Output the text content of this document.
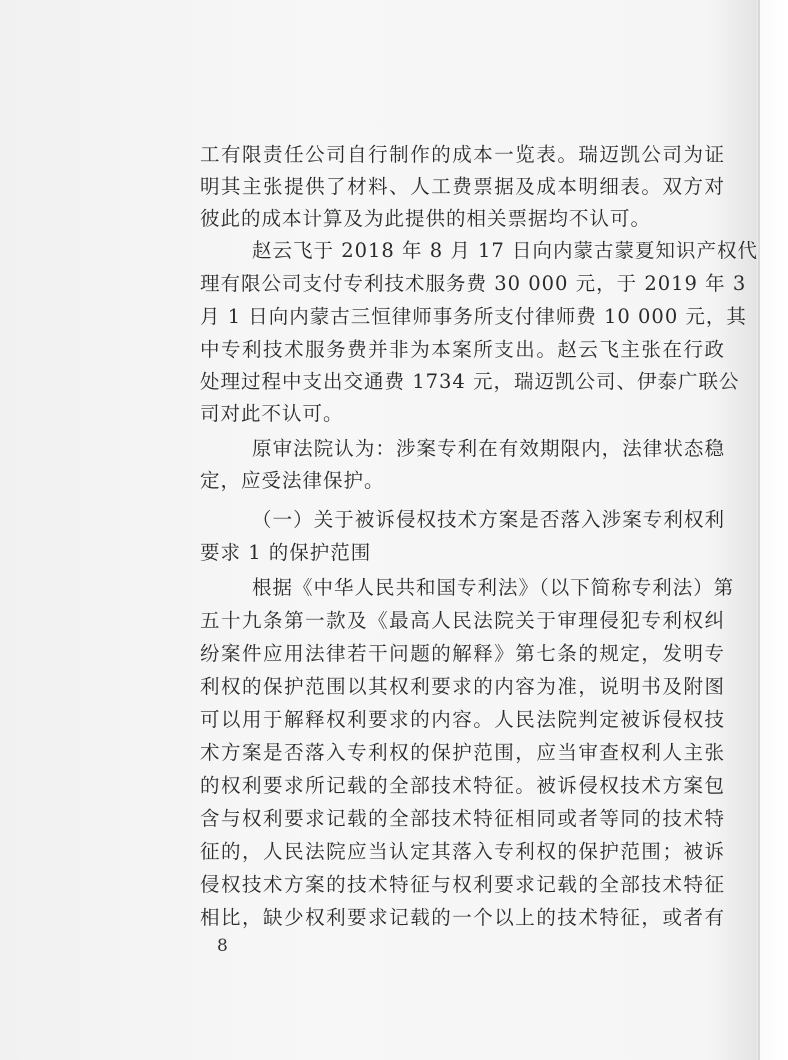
工有限责任公司自行制作的成本一览表。瑞迈凯公司为证
明其主张提供了材料、人工费票据及成本明细表。双方对
彼此的成本计算及为此提供的相关票据均不认可。
赵云飞于 2018 年 8 月 17 日向内蒙古蒙夏知识产权代
理有限公司支付专利技术服务费 30 000 元，于 2019 年 3
月 1 日向内蒙古三恒律师事务所支付律师费 10 000 元，其
中专利技术服务费并非为本案所支出。赵云飞主张在行政
处理过程中支出交通费 1734 元，瑞迈凯公司、伊泰广联公
司对此不认可。
原审法院认为：涉案专利在有效期限内，法律状态稳
定，应受法律保护。
（一）关于被诉侵权技术方案是否落入涉案专利权利
要求 1 的保护范围
根据《中华人民共和国专利法》（以下简称专利法）第
五十九条第一款及《最高人民法院关于审理侵犯专利权纠
纷案件应用法律若干问题的解释》第七条的规定，发明专
利权的保护范围以其权利要求的内容为准，说明书及附图
可以用于解释权利要求的内容。人民法院判定被诉侵权技
术方案是否落入专利权的保护范围，应当审查权利人主张
的权利要求所记载的全部技术特征。被诉侵权技术方案包
含与权利要求记载的全部技术特征相同或者等同的技术特
征的，人民法院应当认定其落入专利权的保护范围；被诉
侵权技术方案的技术特征与权利要求记载的全部技术特征
相比，缺少权利要求记载的一个以上的技术特征，或者有
8
